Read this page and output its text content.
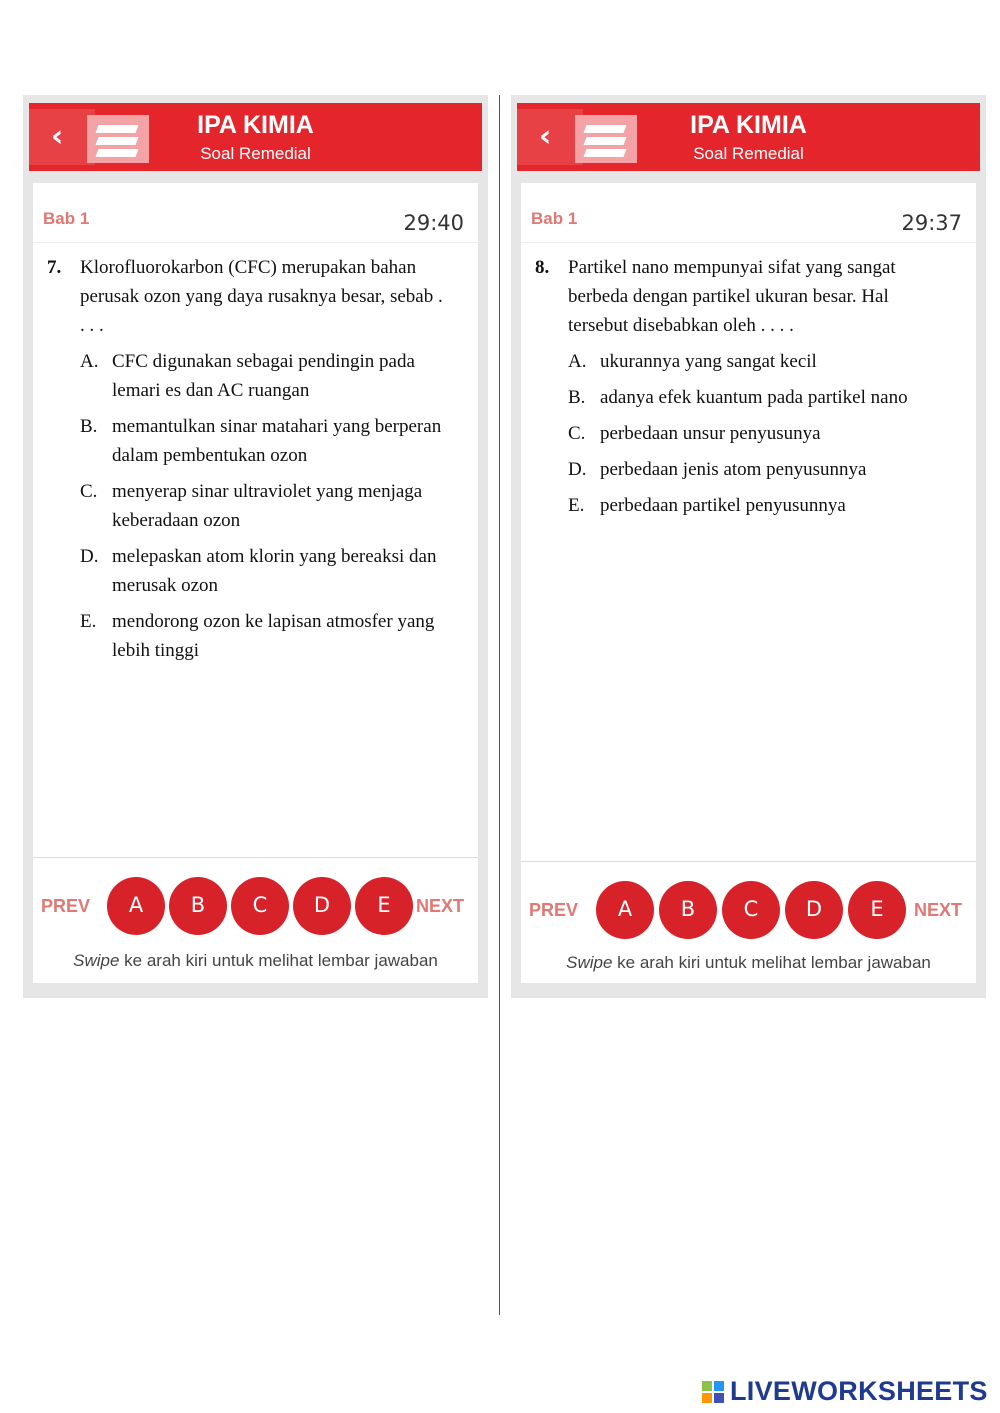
‹	IPA KIMIA
Soal Remedial
Bab 1	29:40
7. Klorofluorokarbon (CFC) merupakan bahan perusak ozon yang daya rusaknya besar, sebab . . . .
A. CFC digunakan sebagai pendingin pada lemari es dan AC ruangan
B. memantulkan sinar matahari yang berperan dalam pembentukan ozon
C. menyerap sinar ultraviolet yang menjaga keberadaan ozon
D. melepaskan atom klorin yang bereaksi dan merusak ozon
E. mendorong ozon ke lapisan atmosfer yang lebih tinggi
PREV	A	B	C	D	E	NEXT
Swipe ke arah kiri untuk melihat lembar jawaban
‹	IPA KIMIA
Soal Remedial
Bab 1	29:37
8. Partikel nano mempunyai sifat yang sangat berbeda dengan partikel ukuran besar. Hal tersebut disebabkan oleh . . . .
A. ukurannya yang sangat kecil
B. adanya efek kuantum pada partikel nano
C. perbedaan unsur penyusunya
D. perbedaan jenis atom penyusunnya
E. perbedaan partikel penyusunnya
PREV	A	B	C	D	E	NEXT
Swipe ke arah kiri untuk melihat lembar jawaban
LIVEWORKSHEETS
